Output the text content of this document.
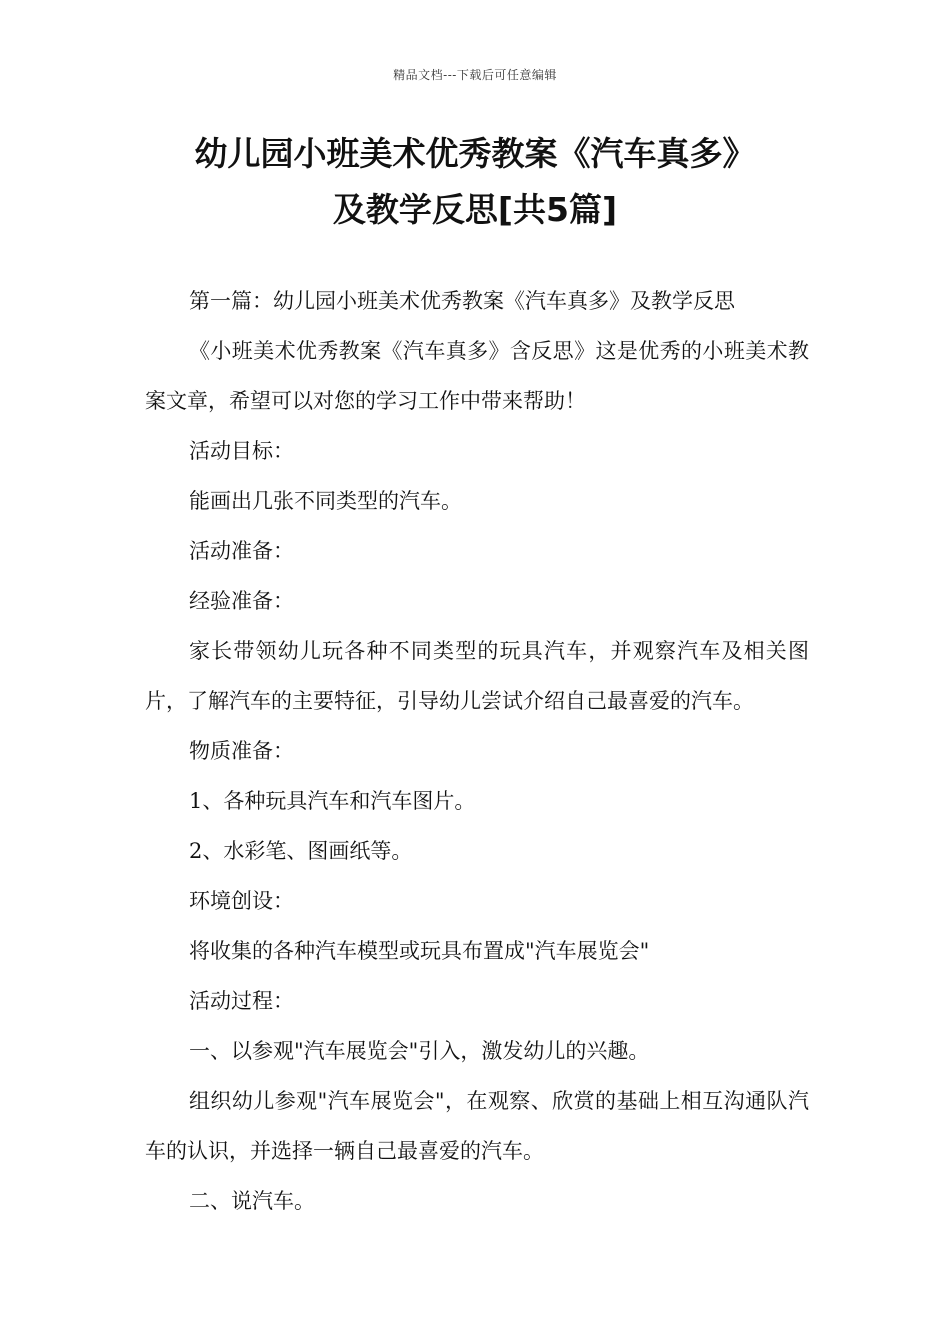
精品文档---下载后可任意编辑
幼儿园小班美术优秀教案《汽车真多》
及教学反思[共5篇]

第一篇：幼儿园小班美术优秀教案《汽车真多》及教学反思

《小班美术优秀教案《汽车真多》含反思》这是优秀的小班美术教案文章，希望可以对您的学习工作中带来帮助！

活动目标：

能画出几张不同类型的汽车。

活动准备：

经验准备：

家长带领幼儿玩各种不同类型的玩具汽车，并观察汽车及相关图片，了解汽车的主要特征，引导幼儿尝试介绍自己最喜爱的汽车。

物质准备：

1、各种玩具汽车和汽车图片。

2、水彩笔、图画纸等。

环境创设：

将收集的各种汽车模型或玩具布置成"汽车展览会"

活动过程：

一、以参观"汽车展览会"引入，激发幼儿的兴趣。

组织幼儿参观"汽车展览会"，在观察、欣赏的基础上相互沟通队汽车的认识，并选择一辆自己最喜爱的汽车。

二、说汽车。
